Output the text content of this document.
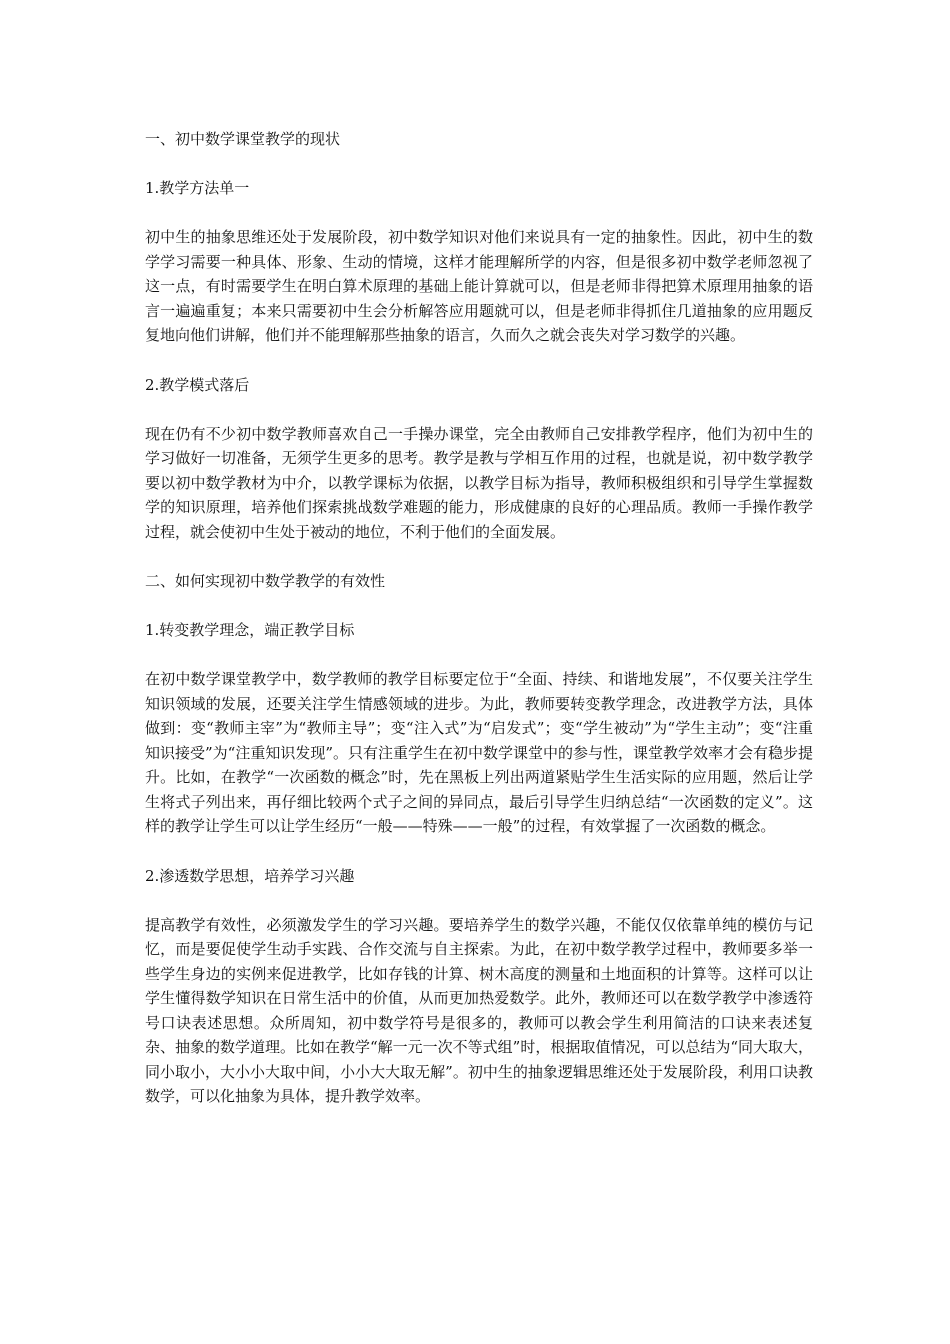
一、初中数学课堂教学的现状
1.教学方法单一
初中生的抽象思维还处于发展阶段，初中数学知识对他们来说具有一定的抽象性。因此，初中生的数学学习需要一种具体、形象、生动的情境，这样才能理解所学的内容，但是很多初中数学老师忽视了这一点，有时需要学生在明白算术原理的基础上能计算就可以，但是老师非得把算术原理用抽象的语言一遍遍重复；本来只需要初中生会分析解答应用题就可以，但是老师非得抓住几道抽象的应用题反复地向他们讲解，他们并不能理解那些抽象的语言，久而久之就会丧失对学习数学的兴趣。
2.教学模式落后
现在仍有不少初中数学教师喜欢自己一手操办课堂，完全由教师自己安排教学程序，他们为初中生的学习做好一切准备，无须学生更多的思考。教学是教与学相互作用的过程，也就是说，初中数学教学要以初中数学教材为中介，以教学课标为依据，以教学目标为指导，教师积极组织和引导学生掌握数学的知识原理，培养他们探索挑战数学难题的能力，形成健康的良好的心理品质。教师一手操作教学过程，就会使初中生处于被动的地位，不利于他们的全面发展。
二、如何实现初中数学教学的有效性
1.转变教学理念，端正教学目标
在初中数学课堂教学中，数学教师的教学目标要定位于“全面、持续、和谐地发展”，不仅要关注学生知识领域的发展，还要关注学生情感领域的进步。为此，教师要转变教学理念，改进教学方法，具体做到：变“教师主宰”为“教师主导”；变“注入式”为“启发式”；变“学生被动”为“学生主动”；变“注重知识接受”为“注重知识发现”。只有注重学生在初中数学课堂中的参与性，课堂教学效率才会有稳步提升。比如，在教学“一次函数的概念”时，先在黑板上列出两道紧贴学生生活实际的应用题，然后让学生将式子列出来，再仔细比较两个式子之间的异同点，最后引导学生归纳总结“一次函数的定义”。这样的教学让学生可以让学生经历“一般——特殊——一般”的过程，有效掌握了一次函数的概念。
2.渗透数学思想，培养学习兴趣
提高教学有效性，必须激发学生的学习兴趣。要培养学生的数学兴趣，不能仅仅依靠单纯的模仿与记忆，而是要促使学生动手实践、合作交流与自主探索。为此，在初中数学教学过程中，教师要多举一些学生身边的实例来促进教学，比如存钱的计算、树木高度的测量和土地面积的计算等。这样可以让学生懂得数学知识在日常生活中的价值，从而更加热爱数学。此外，教师还可以在数学教学中渗透符号口诀表述思想。众所周知，初中数学符号是很多的，教师可以教会学生利用简洁的口诀来表述复杂、抽象的数学道理。比如在教学“解一元一次不等式组”时，根据取值情况，可以总结为“同大取大，同小取小，大小小大取中间，小小大大取无解”。初中生的抽象逻辑思维还处于发展阶段，利用口诀教数学，可以化抽象为具体，提升教学效率。
